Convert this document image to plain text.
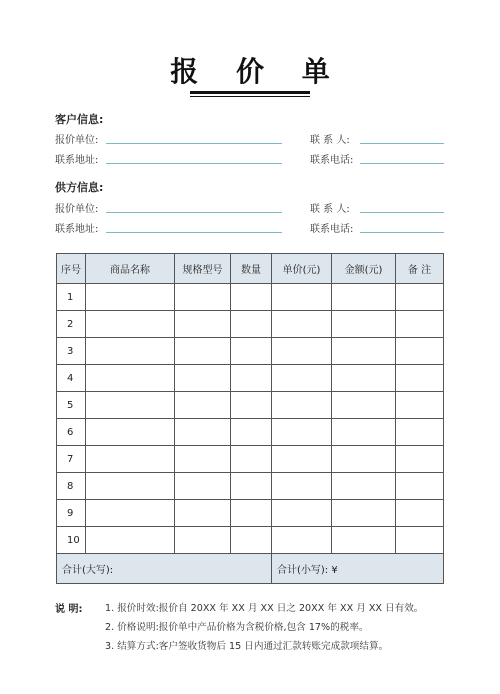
报 价 单
客户信息:
报价单位:	联 系 人:
联系地址:	联系电话:
供方信息:
报价单位:	联 系 人:
联系地址:	联系电话:
序号	商品名称	规格型号	数量	单价(元)	金额(元)	备 注
1						
2						
3						
4						
5						
6						
7						
8						
9						
10						
合计(大写):				合计(小写): ¥		
说 明: 1. 报价时效:报价自 20XX 年 XX 月 XX 日之 20XX 年 XX 月 XX 日有效。
2. 价格说明:报价单中产品价格为含税价格,包含 17%的税率。
3. 结算方式:客户签收货物后 15 日内通过汇款转账完成款项结算。
